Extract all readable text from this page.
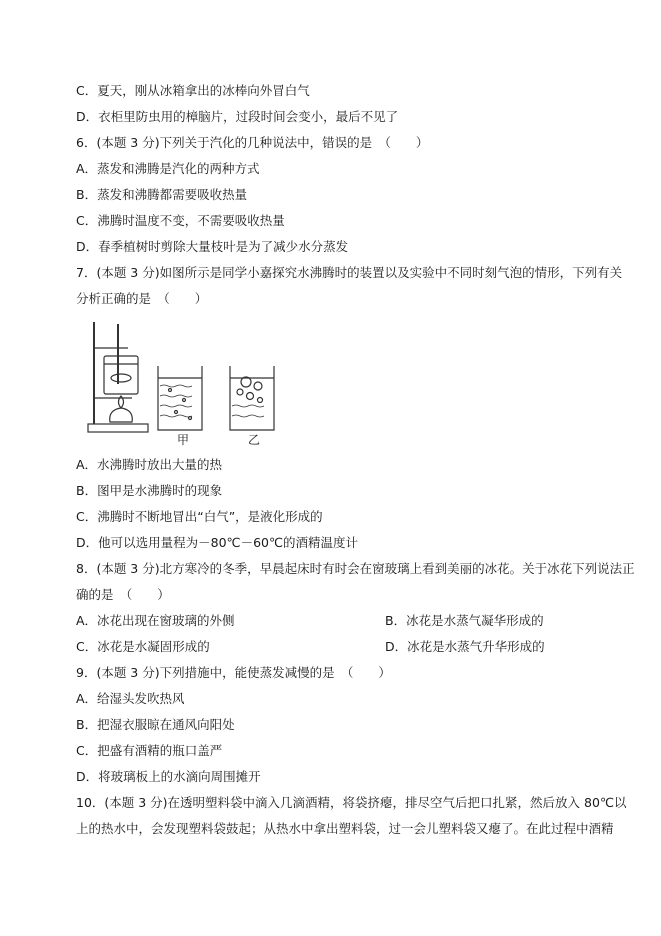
C．夏天，刚从冰箱拿出的冰棒向外冒白气
D．衣柜里防虫用的樟脑片，过段时间会变小，最后不见了
6．(本题 3 分)下列关于汽化的几种说法中，错误的是　（　　）
A．蒸发和沸腾是汽化的两种方式
B．蒸发和沸腾都需要吸收热量
C．沸腾时温度不变，不需要吸收热量
D．春季植树时剪除大量枝叶是为了减少水分蒸发
7．(本题 3 分)如图所示是同学小嘉探究水沸腾时的装置以及实验中不同时刻气泡的情形，下列有关
分析正确的是　（　　）
甲	乙
A．水沸腾时放出大量的热
B．图甲是水沸腾时的现象
C．沸腾时不断地冒出“白气”，是液化形成的
D．他可以选用量程为－80℃－60℃的酒精温度计
8．(本题 3 分)北方寒冷的冬季，早晨起床时有时会在窗玻璃上看到美丽的冰花。关于冰花下列说法正
确的是　（　　）
A．冰花出现在窗玻璃的外侧	B．冰花是水蒸气凝华形成的
C．冰花是水凝固形成的	D．冰花是水蒸气升华形成的
9．(本题 3 分)下列措施中，能使蒸发减慢的是　（　　）
A．给湿头发吹热风
B．把湿衣服晾在通风向阳处
C．把盛有酒精的瓶口盖严
D．将玻璃板上的水滴向周围摊开
10．(本题 3 分)在透明塑料袋中滴入几滴酒精，将袋挤瘪，排尽空气后把口扎紧，然后放入 80℃以
上的热水中，会发现塑料袋鼓起；从热水中拿出塑料袋，过一会儿塑料袋又瘪了。在此过程中酒精
